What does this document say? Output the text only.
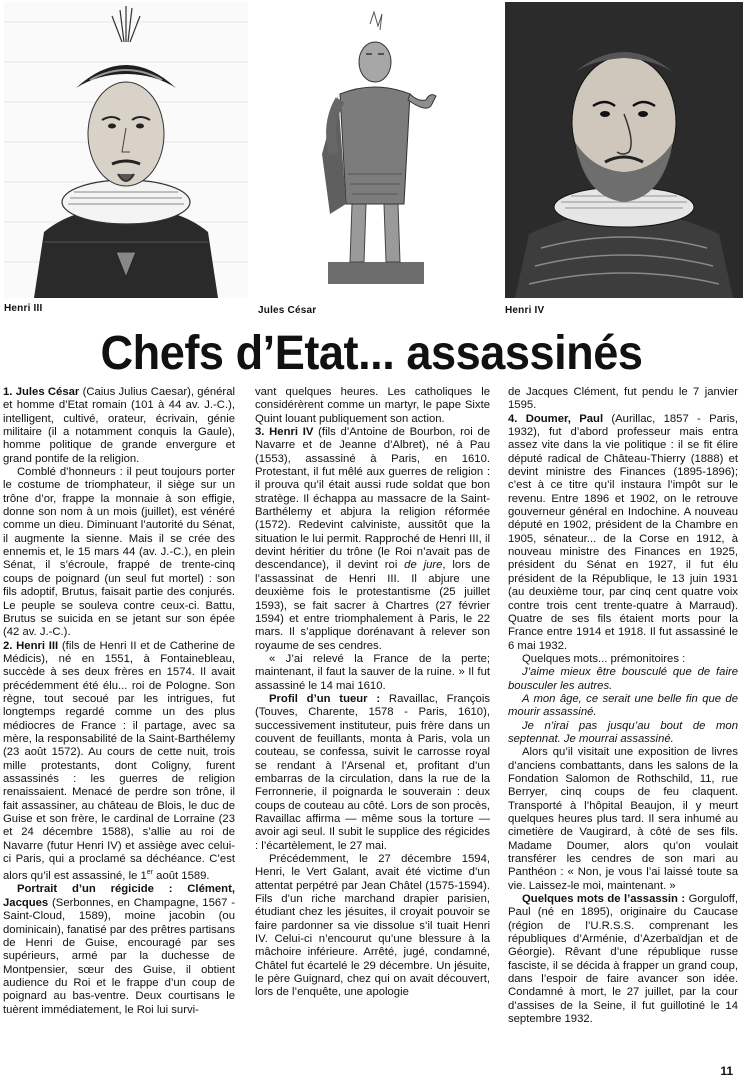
Henri III	Jules César	Henri IV
Chefs d’Etat... assassinés

1. Jules César (Caius Julius Caesar), général et homme d’Etat romain (101 à 44 av. J.-C.), intelligent, cultivé, orateur, écrivain, génie militaire (il a notamment conquis la Gaule), homme politique de grande envergure et grand pontife de la religion.

Comblé d’honneurs : il peut toujours porter le costume de triomphateur, il siège sur un trône d’or, frappe la monnaie à son effigie, donne son nom à un mois (juillet), est vénéré comme un dieu. Diminuant l’autorité du Sénat, il augmente la sienne. Mais il se crée des ennemis et, le 15 mars 44 (av. J.-C.), en plein Sénat, il s’écroule, frappé de trente-cinq coups de poignard (un seul fut mortel) : son fils adoptif, Brutus, faisait partie des conjurés. Le peuple se souleva contre ceux-ci. Battu, Brutus se suicida en se jetant sur son épée (42 av. J.-C.).

2. Henri III (fils de Henri II et de Catherine de Médicis), né en 1551, à Fontainebleau, succède à ses deux frères en 1574. Il avait précédemment été élu... roi de Pologne. Son règne, tout secoué par les intrigues, fut longtemps regardé comme un des plus médiocres de France : il partage, avec sa mère, la responsabilité de la Saint-Barthélemy (23 août 1572). Au cours de cette nuit, trois mille protestants, dont Coligny, furent assassinés : les guerres de religion renaissaient. Menacé de perdre son trône, il fait assassiner, au château de Blois, le duc de Guise et son frère, le cardinal de Lorraine (23 et 24 décembre 1588), s’allie au roi de Navarre (futur Henri IV) et assiège avec celui-ci Paris, qui a proclamé sa déchéance. C’est alors qu’il est assassiné, le 1er août 1589.

Portrait d’un régicide : Clément, Jacques (Serbonnes, en Champagne, 1567 - Saint-Cloud, 1589), moine jacobin (ou dominicain), fanatisé par des prêtres partisans de Henri de Guise, encouragé par ses supérieurs, armé par la duchesse de Montpensier, sœur des Guise, il obtient audience du Roi et le frappe d’un coup de poignard au bas-ventre. Deux courtisans le tuèrent immédiatement, le Roi lui survi-

vant quelques heures. Les catholiques le considérèrent comme un martyr, le pape Sixte Quint louant publiquement son action.

3. Henri IV (fils d’Antoine de Bourbon, roi de Navarre et de Jeanne d’Albret), né à Pau (1553), assassiné à Paris, en 1610. Protestant, il fut mêlé aux guerres de religion : il prouva qu’il était aussi rude soldat que bon stratège. Il échappa au massacre de la Saint-Barthélemy et abjura la religion réformée (1572). Redevint calviniste, aussitôt que la situation le lui permit. Rapproché de Henri III, il devint héritier du trône (le Roi n’avait pas de descendance), il devint roi de jure, lors de l’assassinat de Henri III. Il abjure une deuxième fois le protestantisme (25 juillet 1593), se fait sacrer à Chartres (27 février 1594) et entre triomphalement à Paris, le 22 mars. Il s’applique dorénavant à relever son royaume de ses cendres.

« J’ai relevé la France de la perte; maintenant, il faut la sauver de la ruine. » Il fut assassiné le 14 mai 1610.

Profil d’un tueur : Ravaillac, François (Touves, Charente, 1578 - Paris, 1610), successivement instituteur, puis frère dans un couvent de feuillants, monta à Paris, vola un couteau, se confessa, suivit le carrosse royal se rendant à l’Arsenal et, profitant d’un embarras de la circulation, dans la rue de la Ferronnerie, il poignarda le souverain : deux coups de couteau au côté. Lors de son procès, Ravaillac affirma — même sous la torture — avoir agi seul. Il subit le supplice des régicides : l’écartèlement, le 27 mai.

Précédemment, le 27 décembre 1594, Henri, le Vert Galant, avait été victime d’un attentat perpétré par Jean Châtel (1575-1594). Fils d’un riche marchand drapier parisien, étudiant chez les jésuites, il croyait pouvoir se faire pardonner sa vie dissolue s’il tuait Henri IV. Celui-ci n’encourut qu’une blessure à la mâchoire inférieure. Arrêté, jugé, condamné, Châtel fut écartelé le 29 décembre. Un jésuite, le père Guignard, chez qui on avait découvert, lors de l’enquête, une apologie

de Jacques Clément, fut pendu le 7 janvier 1595.

4. Doumer, Paul (Aurillac, 1857 - Paris, 1932), fut d’abord professeur mais entra assez vite dans la vie politique : il se fit élire député radical de Château-Thierry (1888) et devint ministre des Finances (1895-1896); c’est à ce titre qu’il instaura l’impôt sur le revenu. Entre 1896 et 1902, on le retrouve gouverneur général en Indochine. A nouveau député en 1902, président de la Chambre en 1905, sénateur... de la Corse en 1912, à nouveau ministre des Finances en 1925, président du Sénat en 1927, il fut élu président de la République, le 13 juin 1931 (au deuxième tour, par cinq cent quatre voix contre trois cent trente-quatre à Marraud). Quatre de ses fils étaient morts pour la France entre 1914 et 1918. Il fut assassiné le 6 mai 1932.

Quelques mots... prémonitoires :

J’aime mieux être bousculé que de faire bousculer les autres.

A mon âge, ce serait une belle fin que de mourir assassiné.

Je n’irai pas jusqu’au bout de mon septennat. Je mourrai assassiné.

Alors qu’il visitait une exposition de livres d’anciens combattants, dans les salons de la Fondation Salomon de Rothschild, 11, rue Berryer, cinq coups de feu claquent. Transporté à l’hôpital Beaujon, il y meurt quelques heures plus tard. Il sera inhumé au cimetière de Vaugirard, à côté de ses fils. Madame Doumer, alors qu’on voulait transférer les cendres de son mari au Panthéon : « Non, je vous l’ai laissé toute sa vie. Laissez-le moi, maintenant. »

Quelques mots de l’assassin : Gorguloff, Paul (né en 1895), originaire du Caucase (région de l’U.R.S.S. comprenant les républiques d’Arménie, d’Azerbaïdjan et de Géorgie). Rêvant d’une république russe fasciste, il se décida à frapper un grand coup, dans l’espoir de faire avancer son idée. Condamné à mort, le 27 juillet, par la cour d’assises de la Seine, il fut guillotiné le 14 septembre 1932.

11
